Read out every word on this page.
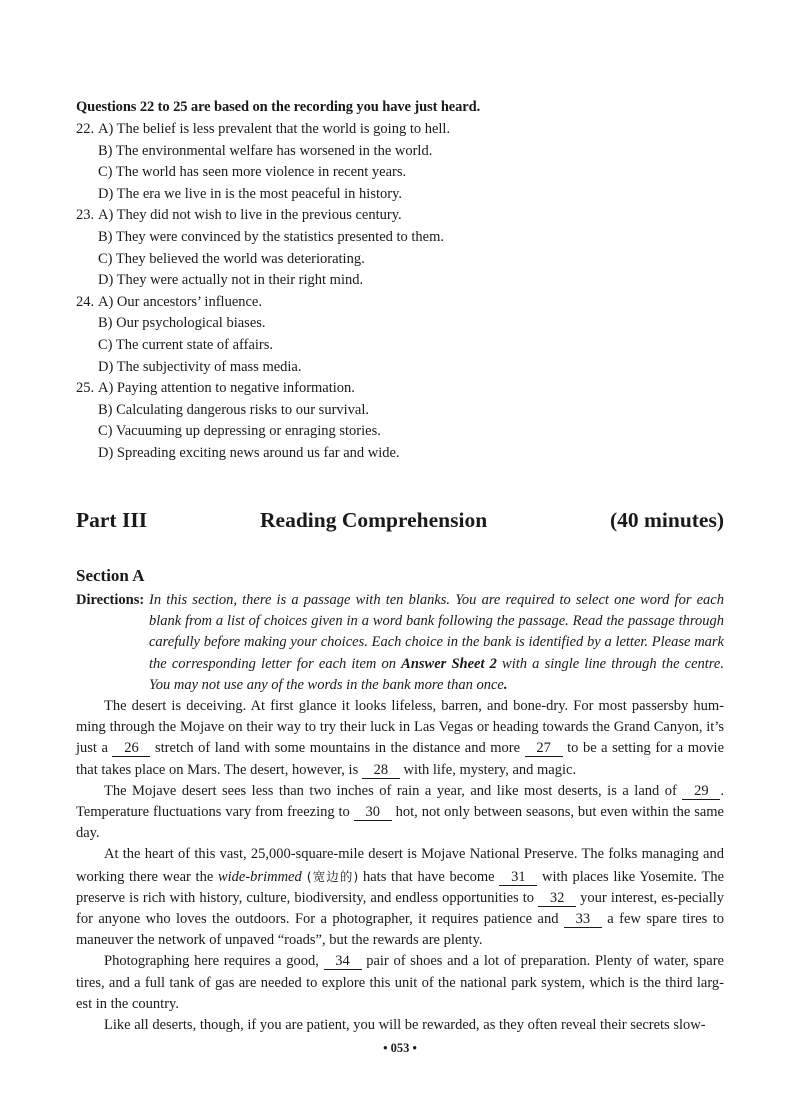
Questions 22 to 25 are based on the recording you have just heard.
22. A) The belief is less prevalent that the world is going to hell.
B) The environmental welfare has worsened in the world.
C) The world has seen more violence in recent years.
D) The era we live in is the most peaceful in history.
23. A) They did not wish to live in the previous century.
B) They were convinced by the statistics presented to them.
C) They believed the world was deteriorating.
D) They were actually not in their right mind.
24. A) Our ancestors’ influence.
B) Our psychological biases.
C) The current state of affairs.
D) The subjectivity of mass media.
25. A) Paying attention to negative information.
B) Calculating dangerous risks to our survival.
C) Vacuuming up depressing or enraging stories.
D) Spreading exciting news around us far and wide.
Part III	Reading Comprehension	(40 minutes)
Section A
Directions: In this section, there is a passage with ten blanks. You are required to select one word for each blank from a list of choices given in a word bank following the passage. Read the passage through carefully before making your choices. Each choice in the bank is identified by a letter. Please mark the corresponding letter for each item on Answer Sheet 2 with a single line through the centre. You may not use any of the words in the bank more than once.

The desert is deceiving. At first glance it looks lifeless, barren, and bone-dry. For most passersby hum-ming through the Mojave on their way to try their luck in Las Vegas or heading towards the Grand Canyon, it’s just a 26 stretch of land with some mountains in the distance and more 27 to be a setting for a movie that takes place on Mars. The desert, however, is 28 with life, mystery, and magic.

The Mojave desert sees less than two inches of rain a year, and like most deserts, is a land of 29 . Temperature fluctuations vary from freezing to 30 hot, not only between seasons, but even within the same day.

At the heart of this vast, 25,000-square-mile desert is Mojave National Preserve. The folks managing and working there wear the wide-brimmed (宽边的) hats that have become 31 with places like Yosemite. The preserve is rich with history, culture, biodiversity, and endless opportunities to 32 your interest, es-pecially for anyone who loves the outdoors. For a photographer, it requires patience and 33 a few spare tires to maneuver the network of unpaved “roads”, but the rewards are plenty.

Photographing here requires a good, 34 pair of shoes and a lot of preparation. Plenty of water, spare tires, and a full tank of gas are needed to explore this unit of the national park system, which is the third larg-est in the country.

Like all deserts, though, if you are patient, you will be rewarded, as they often reveal their secrets slow-

• 053 •
